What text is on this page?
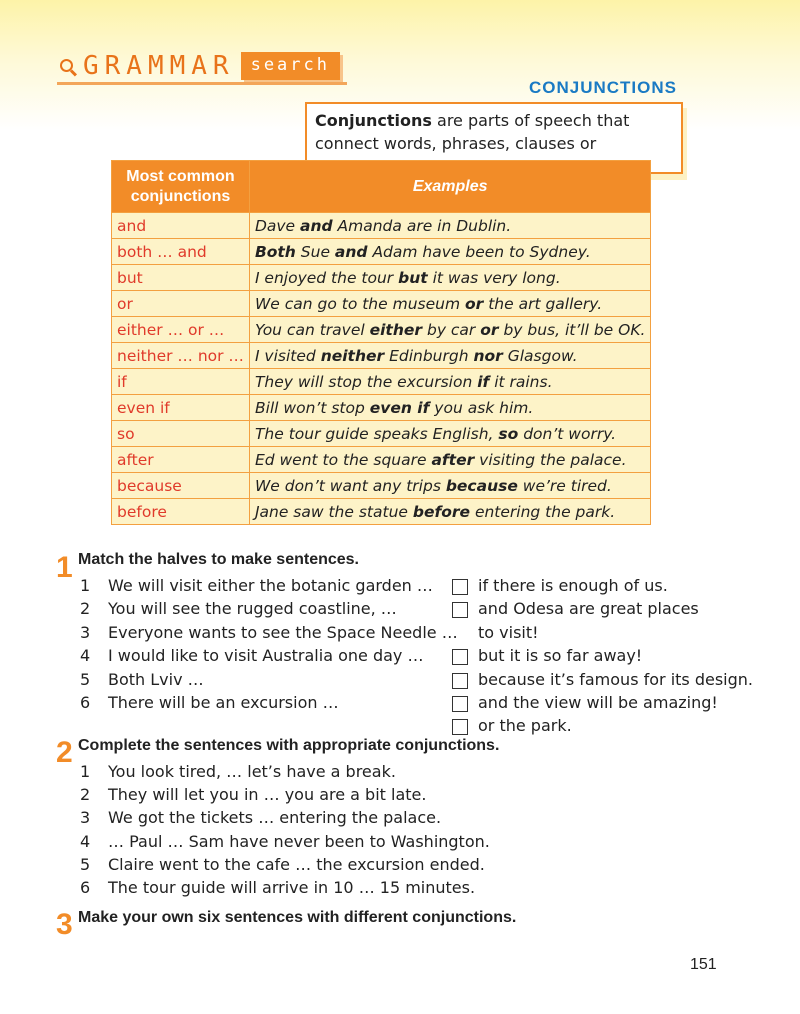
GRAMMAR search
CONJUNCTIONS
Conjunctions are parts of speech that connect words, phrases, clauses or
Most common conjunctions	Examples
and	Dave and Amanda are in Dublin.
both … and	Both Sue and Adam have been to Sydney.
but	I enjoyed the tour but it was very long.
or	We can go to the museum or the art gallery.
either … or …	You can travel either by car or by bus, it’ll be OK.
neither … nor …	I visited neither Edinburgh nor Glasgow.
if	They will stop the excursion if it rains.
even if	Bill won’t stop even if you ask him.
so	The tour guide speaks English, so don’t worry.
after	Ed went to the square after visiting the palace.
because	We don’t want any trips because we’re tired.
before	Jane saw the statue before entering the park.
1 Match the halves to make sentences.
1 We will visit either the botanic garden …
2 You will see the rugged coastline, …
3 Everyone wants to see the Space Needle …
4 I would like to visit Australia one day …
5 Both Lviv …
6 There will be an excursion …
if there is enough of us.
and Odesa are great places
to visit!
but it is so far away!
because it’s famous for its design.
and the view will be amazing!
or the park.
2 Complete the sentences with appropriate conjunctions.
1 You look tired, … let’s have a break.
2 They will let you in … you are a bit late.
3 We got the tickets … entering the palace.
4 … Paul … Sam have never been to Washington.
5 Claire went to the cafe … the excursion ended.
6 The tour guide will arrive in 10 … 15 minutes.
3 Make your own six sentences with different conjunctions.
151
